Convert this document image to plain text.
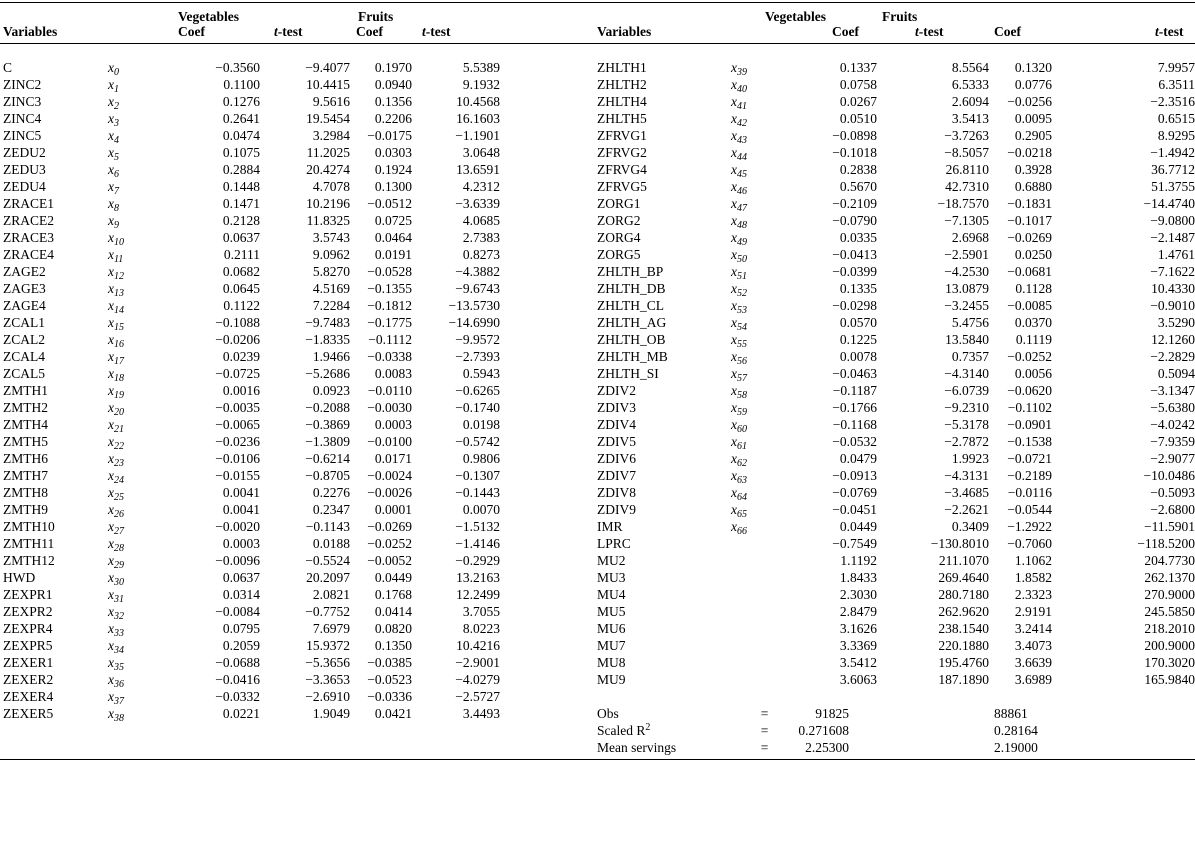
		Vegetables		Fruits				Vegetables		Fruits		
Variables		Coef	t-test	Coef	t-test		Variables		Coef	t-test	Coef	t-test

C	$x_0$	−0.3560	−9.4077	0.1970	5.5389		ZHLTH1	$x_{39}$	0.1337	8.5564	0.1320	7.9957
ZINC2	$x_1$	0.1100	10.4415	0.0940	9.1932		ZHLTH2	$x_{40}$	0.0758	6.5333	0.0776	6.3511
ZINC3	$x_2$	0.1276	9.5616	0.1356	10.4568		ZHLTH4	$x_{41}$	0.0267	2.6094	−0.0256	−2.3516
ZINC4	$x_3$	0.2641	19.5454	0.2206	16.1603		ZHLTH5	$x_{42}$	0.0510	3.5413	0.0095	0.6515
ZINC5	$x_4$	0.0474	3.2984	−0.0175	−1.1901		ZFRVG1	$x_{43}$	−0.0898	−3.7263	0.2905	8.9295
ZEDU2	$x_5$	0.1075	11.2025	0.0303	3.0648		ZFRVG2	$x_{44}$	−0.1018	−8.5057	−0.0218	−1.4942
ZEDU3	$x_6$	0.2884	20.4274	0.1924	13.6591		ZFRVG4	$x_{45}$	0.2838	26.8110	0.3928	36.7712
ZEDU4	$x_7$	0.1448	4.7078	0.1300	4.2312		ZFRVG5	$x_{46}$	0.5670	42.7310	0.6880	51.3755
ZRACE1	$x_8$	0.1471	10.2196	−0.0512	−3.6339		ZORG1	$x_{47}$	−0.2109	−18.7570	−0.1831	−14.4740
ZRACE2	$x_9$	0.2128	11.8325	0.0725	4.0685		ZORG2	$x_{48}$	−0.0790	−7.1305	−0.1017	−9.0800
ZRACE3	$x_{10}$	0.0637	3.5743	0.0464	2.7383		ZORG4	$x_{49}$	0.0335	2.6968	−0.0269	−2.1487
ZRACE4	$x_{11}$	0.2111	9.0962	0.0191	0.8273		ZORG5	$x_{50}$	−0.0413	−2.5901	0.0250	1.4761
ZAGE2	$x_{12}$	0.0682	5.8270	−0.0528	−4.3882		ZHLTH_BP	$x_{51}$	−0.0399	−4.2530	−0.0681	−7.1622
ZAGE3	$x_{13}$	0.0645	4.5169	−0.1355	−9.6743		ZHLTH_DB	$x_{52}$	0.1335	13.0879	0.1128	10.4330
ZAGE4	$x_{14}$	0.1122	7.2284	−0.1812	−13.5730		ZHLTH_CL	$x_{53}$	−0.0298	−3.2455	−0.0085	−0.9010
ZCAL1	$x_{15}$	−0.1088	−9.7483	−0.1775	−14.6990		ZHLTH_AG	$x_{54}$	0.0570	5.4756	0.0370	3.5290
ZCAL2	$x_{16}$	−0.0206	−1.8335	−0.1112	−9.9572		ZHLTH_OB	$x_{55}$	0.1225	13.5840	0.1119	12.1260
ZCAL4	$x_{17}$	0.0239	1.9466	−0.0338	−2.7393		ZHLTH_MB	$x_{56}$	0.0078	0.7357	−0.0252	−2.2829
ZCAL5	$x_{18}$	−0.0725	−5.2686	0.0083	0.5943		ZHLTH_SI	$x_{57}$	−0.0463	−4.3140	0.0056	0.5094
ZMTH1	$x_{19}$	0.0016	0.0923	−0.0110	−0.6265		ZDIV2	$x_{58}$	−0.1187	−6.0739	−0.0620	−3.1347
ZMTH2	$x_{20}$	−0.0035	−0.2088	−0.0030	−0.1740		ZDIV3	$x_{59}$	−0.1766	−9.2310	−0.1102	−5.6380
ZMTH4	$x_{21}$	−0.0065	−0.3869	0.0003	0.0198		ZDIV4	$x_{60}$	−0.1168	−5.3178	−0.0901	−4.0242
ZMTH5	$x_{22}$	−0.0236	−1.3809	−0.0100	−0.5742		ZDIV5	$x_{61}$	−0.0532	−2.7872	−0.1538	−7.9359
ZMTH6	$x_{23}$	−0.0106	−0.6214	0.0171	0.9806		ZDIV6	$x_{62}$	0.0479	1.9923	−0.0721	−2.9077
ZMTH7	$x_{24}$	−0.0155	−0.8705	−0.0024	−0.1307		ZDIV7	$x_{63}$	−0.0913	−4.3131	−0.2189	−10.0486
ZMTH8	$x_{25}$	0.0041	0.2276	−0.0026	−0.1443		ZDIV8	$x_{64}$	−0.0769	−3.4685	−0.0116	−0.5093
ZMTH9	$x_{26}$	0.0041	0.2347	0.0001	0.0070		ZDIV9	$x_{65}$	−0.0451	−2.2621	−0.0544	−2.6800
ZMTH10	$x_{27}$	−0.0020	−0.1143	−0.0269	−1.5132		IMR	$x_{66}$	0.0449	0.3409	−1.2922	−11.5901
ZMTH11	$x_{28}$	0.0003	0.0188	−0.0252	−1.4146		LPRC		−0.7549	−130.8010	−0.7060	−118.5200
ZMTH12	$x_{29}$	−0.0096	−0.5524	−0.0052	−0.2929		MU2		1.1192	211.1070	1.1062	204.7730
HWD	$x_{30}$	0.0637	20.2097	0.0449	13.2163		MU3		1.8433	269.4640	1.8582	262.1370
ZEXPR1	$x_{31}$	0.0314	2.0821	0.1768	12.2499		MU4		2.3030	280.7180	2.3323	270.9000
ZEXPR2	$x_{32}$	−0.0084	−0.7752	0.0414	3.7055		MU5		2.8479	262.9620	2.9191	245.5850
ZEXPR4	$x_{33}$	0.0795	7.6979	0.0820	8.0223		MU6		3.1626	238.1540	3.2414	218.2010
ZEXPR5	$x_{34}$	0.2059	15.9372	0.1350	10.4216		MU7		3.3369	220.1880	3.4073	200.9000
ZEXER1	$x_{35}$	−0.0688	−5.3656	−0.0385	−2.9001		MU8		3.5412	195.4760	3.6639	170.3020
ZEXER2	$x_{36}$	−0.0416	−3.3653	−0.0523	−4.0279		MU9		3.6063	187.1890	3.6989	165.9840
ZEXER4	$x_{37}$	−0.0332	−2.6910	−0.0336	−2.5727							
ZEXER5	$x_{38}$	0.0221	1.9049	0.0421	3.4493		Obs	=	91825		88861	
							Scaled $R^2$	=	0.271608		0.28164	
							Mean servings	=	2.25300		2.19000	
